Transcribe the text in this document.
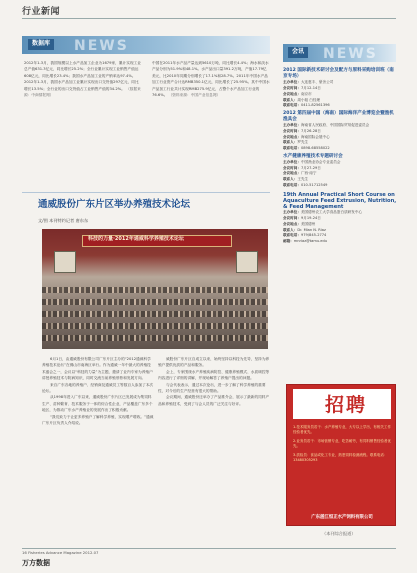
行业新闻
数据库 NEWS
2012年1-3月，我国规模以上水产品加工企业为1679家，累计实现工业总产值631.3亿元，同比增长25.2%；全行业累计实现工业销售产值达608亿元，同比增长23.4%；我国水产品加工业的产销率达97.4%。2012年1-3月，我国水产品加工业累计实现出口交货值297亿元，同比增长13.5%；全行业的出口交货值占工业销售产值的34.2%。 （数据来源：中商情报网）
中国在2011年水产品产量达到5610万吨，同比增长4.4%；海水和淡水产品分别为51.9%和48.1%。水产品出口量391.2万吨，产值17.79亿美元，比2010年同期分别增长了17.1%和28.7%。2011年中国水产品加工行业资产合计达RMB350.1亿元，同比增长了25.95%。其中中国水产品加工行业共计实现RMB275.9亿元，占整个水产品加工行业的76.6%。 （资料来源：中国产业信息网）
通威股份广东片区举办养殖技术论坛
文/图 本刊特约记者 唐东东
科技的力量·2012年通威科学养殖技术论坛

6月1日，由通威股份有限公司广东片区主办的“2012通威科学养殖技术论坛”在佛山市南海区举行。作为通威一年中最大的养殖技术盛会之一，会议以“科技的力量”为主题，邀请了业内专家为养殖户讲授养殖技术与防病知识，同时交流当前养殖形势和发展方向。

来自广东各地的养殖户、经销商及通威员工等数百人参加了本次论坛。

从1998年进入广东以来，通威股份广东片区已发展成为集饲料生产、苗种繁育、技术服务于一体的综合性企业，产品覆盖广东多个地区，为推动广东水产养殖业的发展作出了积极贡献。

“我们致力于让更多养殖户了解科学养殖，实现增产增收。”通威广东片区负责人介绍说。

威股份广东片区自成立以来，始终坚持以科技为先导，坚持为养殖户提供优质的产品和服务。

会上，专家围绕水产养殖疾病防控、健康养殖模式、水质调控等内容进行了详细的讲解，并现场解答了养殖户提出的问题。

与会代表表示，通过本次论坛，进一步了解了科学养殖的重要性，对今后的生产经营有很大的帮助。

会议期间，通威股份还举办了产品推介会，展示了最新的饲料产品和养殖技术，受到了与会人员的广泛关注与好评。

会讯 NEWS
2012 国际新技术研讨会及配方与原料采购培训班（南京专场）
主办单位：大连惠丰、豪舍公司
会议时间：7月12-14日
会议地点：南京市
联系人：周小姐 白经理
联系电话：0411-82561396
2012 第四届中国（海南）国际海洋产业博览会暨渔机渔具会
主办单位：海南省人民政府、中国国际贸易促进委员会
会议时间：7月26-28日
会议地点：海南国际会展中心
联系人：罗先生
联系电话：0898-68558022
水产健康养殖技术专题研讨会
主办单位：中国渔业协会专业委员会
会议时间：7月27-29日
会议地点：广西·南宁
联系人：王先生
联系电话：010-51712549
19th Annual Practical Short Course on Aquaculture Feed Extrusion, Nutrition, & Feed Management
主办单位：美国德州农工大学食品蛋白质研发中心
会议时间：9月19-24日
会议地点：美国德州
联系人：Dr. Mian N. Riaz
联系电话：979/845-2774
邮箱：mnriaz@tamu.edu
招聘
1.技术服务员若干：水产养殖专业，大专以上学历，有相关工作经验者优先。
2.业务员若干：市场营销专业，吃苦耐劳，有饲料销售经验者优先。
3.质检员：食品或化工专业，熟悉饲料检测流程。联系电话：13480305293
广东湛江恒正水产饲料有限公司
（本刊综合报道）
16 Fisheries Advance Magazine 2012.07
万方数据
